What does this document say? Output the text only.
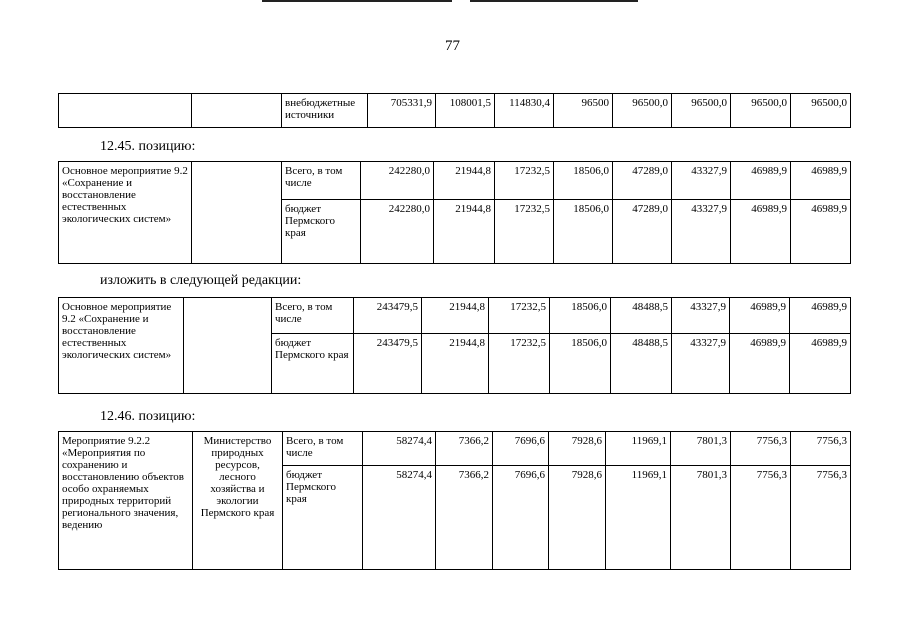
77
		внебюджетные источники	705331,9	108001,5	114830,4	96500	96500,0	96500,0	96500,0	96500,0
12.45. позицию:
Основное мероприятие 9.2 «Сохранение и восстановление естественных экологических систем»		Всего, в том числе	242280,0	21944,8	17232,5	18506,0	47289,0	43327,9	46989,9	46989,9
		бюджет Пермского края	242280,0	21944,8	17232,5	18506,0	47289,0	43327,9	46989,9	46989,9
изложить в следующей редакции:
Основное мероприятие 9.2 «Сохранение и восстановление естественных экологических систем»		Всего, в том числе	243479,5	21944,8	17232,5	18506,0	48488,5	43327,9	46989,9	46989,9
		бюджет Пермского края	243479,5	21944,8	17232,5	18506,0	48488,5	43327,9	46989,9	46989,9
12.46. позицию:
Мероприятие 9.2.2 «Мероприятия по сохранению и восстановлению объектов особо охраняемых природных территорий регионального значения, ведению	Министерство природных ресурсов, лесного хозяйства и экологии Пермского края	Всего, в том числе	58274,4	7366,2	7696,6	7928,6	11969,1	7801,3	7756,3	7756,3
		бюджет Пермского края	58274,4	7366,2	7696,6	7928,6	11969,1	7801,3	7756,3	7756,3
